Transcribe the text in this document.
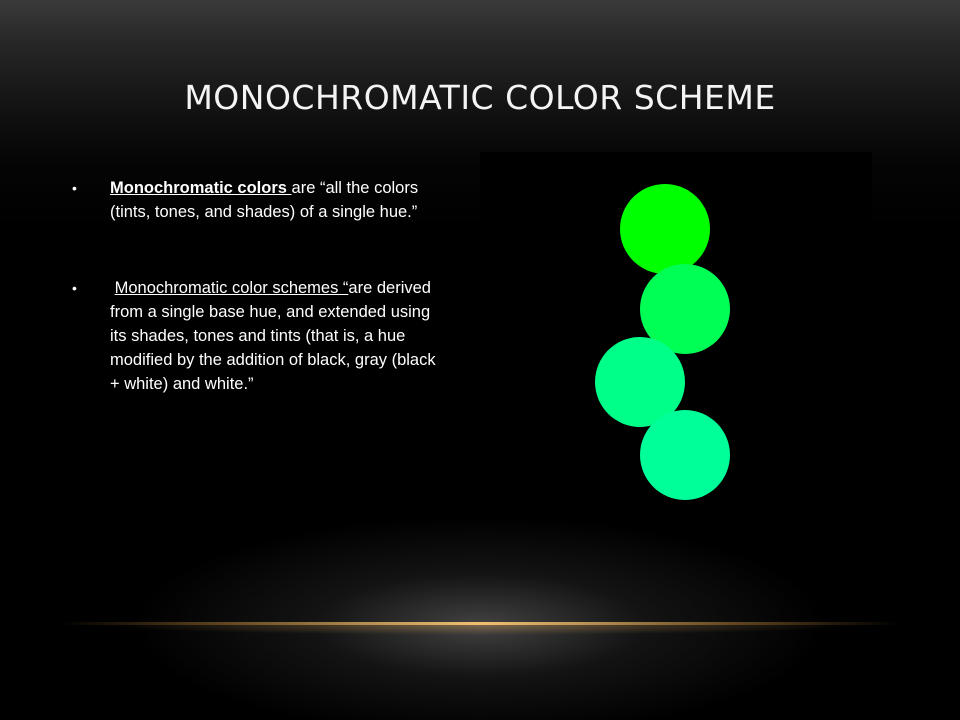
MONOCHROMATIC COLOR SCHEME
•	Monochromatic colors are “all the colors (tints, tones, and shades) of a single hue.”
•	Monochromatic color schemes “are derived from a single base hue, and extended using its shades, tones and tints (that is, a hue modified by the addition of black, gray (black + white) and white.”
